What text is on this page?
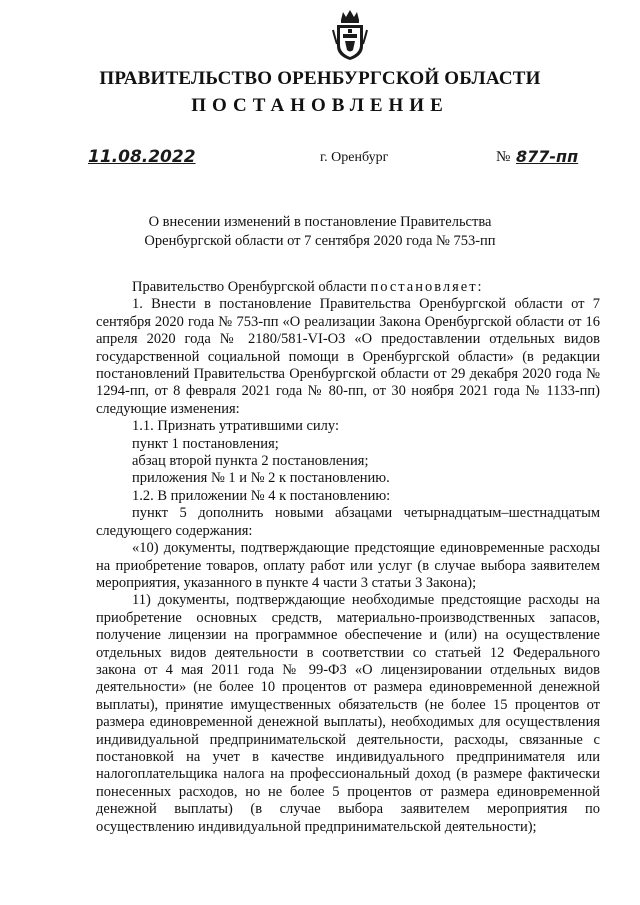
ПРАВИТЕЛЬСТВО ОРЕНБУРГСКОЙ ОБЛАСТИ
ПОСТАНОВЛЕНИЕ
11.08.2022	г. Оренбург	№ 877-пп
О внесении изменений в постановление Правительства
Оренбургской области от 7 сентября 2020 года № 753-пп

Правительство Оренбургской области постановляет:

1. Внести в постановление Правительства Оренбургской области от 7 сентября 2020 года № 753-пп «О реализации Закона Оренбургской области от 16 апреля 2020 года № 2180/581-VI-ОЗ «О предоставлении отдельных видов государственной социальной помощи в Оренбургской области» (в редакции постановлений Правительства Оренбургской области от 29 декабря 2020 года № 1294-пп, от 8 февраля 2021 года № 80-пп, от 30 ноября 2021 года № 1133-пп) следующие изменения:

1.1. Признать утратившими силу:

пункт 1 постановления;

абзац второй пункта 2 постановления;

приложения № 1 и № 2 к постановлению.

1.2. В приложении № 4 к постановлению:

пункт 5 дополнить новыми абзацами четырнадцатым–шестнадцатым следующего содержания:

«10) документы, подтверждающие предстоящие единовременные расходы на приобретение товаров, оплату работ или услуг (в случае выбора заявителем мероприятия, указанного в пункте 4 части 3 статьи 3 Закона);

11) документы, подтверждающие необходимые предстоящие расходы на приобретение основных средств, материально-производственных запасов, получение лицензии на программное обеспечение и (или) на осуществление отдельных видов деятельности в соответствии со статьей 12 Федерального закона от 4 мая 2011 года № 99-ФЗ «О лицензировании отдельных видов деятельности» (не более 10 процентов от размера единовременной денежной выплаты), принятие имущественных обязательств (не более 15 процентов от размера единовременной денежной выплаты), необходимых для осуществления индивидуальной предпринимательской деятельности, расходы, связанные с постановкой на учет в качестве индивидуального предпринимателя или налогоплательщика налога на профессиональный доход (в размере фактически понесенных расходов, но не более 5 процентов от размера единовременной денежной выплаты) (в случае выбора заявителем мероприятия по осуществлению индивидуальной предпринимательской деятельности);
